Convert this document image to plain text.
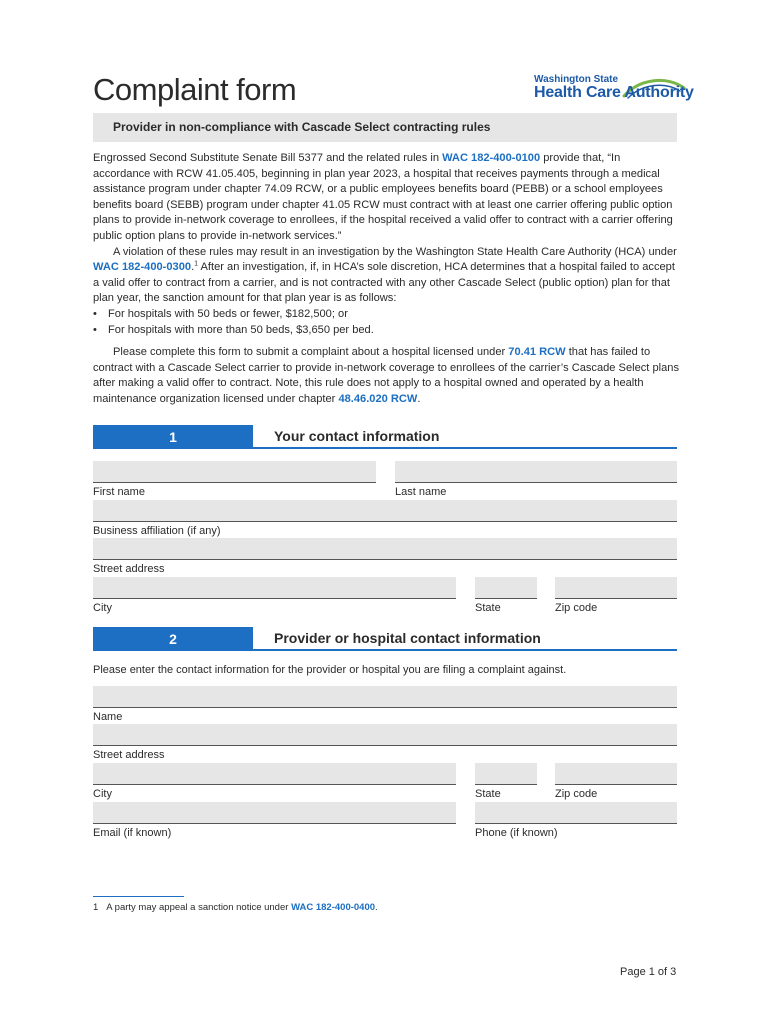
Complaint form	Washington State
Health Care Authority
Provider in non-compliance with Cascade Select contracting rules

Engrossed Second Substitute Senate Bill 5377 and the related rules in WAC 182-400-0100 provide that, “In accordance with RCW 41.05.405, beginning in plan year 2023, a hospital that receives payments through a medical assistance program under chapter 74.09 RCW, or a public employees benefits board (PEBB) or a school employees benefits board (SEBB) program under chapter 41.05 RCW must contract with at least one carrier offering public option plans to provide in-network coverage to enrollees, if the hospital received a valid offer to contract with a carrier offering public option plans to provide in-network services.”

A violation of these rules may result in an investigation by the Washington State Health Care Authority (HCA) under WAC 182-400-0300.$^1$ After an investigation, if, in HCA’s sole discretion, HCA determines that a hospital failed to accept a valid offer to contract from a carrier, and is not contracted with any other Cascade Select (public option) plan for that plan year, the sanction amount for that plan year is as follows:

• For hospitals with 50 beds or fewer, $182,500; or
• For hospitals with more than 50 beds, $3,650 per bed.

Please complete this form to submit a complaint about a hospital licensed under 70.41 RCW that has failed to contract with a Cascade Select carrier to provide in-network coverage to enrollees of the carrier’s Cascade Select plans after making a valid offer to contract. Note, this rule does not apply to a hospital owned and operated by a health maintenance organization licensed under chapter 48.46.020 RCW.

1	Your contact information
First name	Last name
Business affiliation (if any)
Street address
City	State	Zip code
2	Provider or hospital contact information
Please enter the contact information for the provider or hospital you are filing a complaint against.
Name
Street address
City	State	Zip code
Email (if known)	Phone (if known)
1 A party may appeal a sanction notice under WAC 182-400-0400.
Page 1 of 3
